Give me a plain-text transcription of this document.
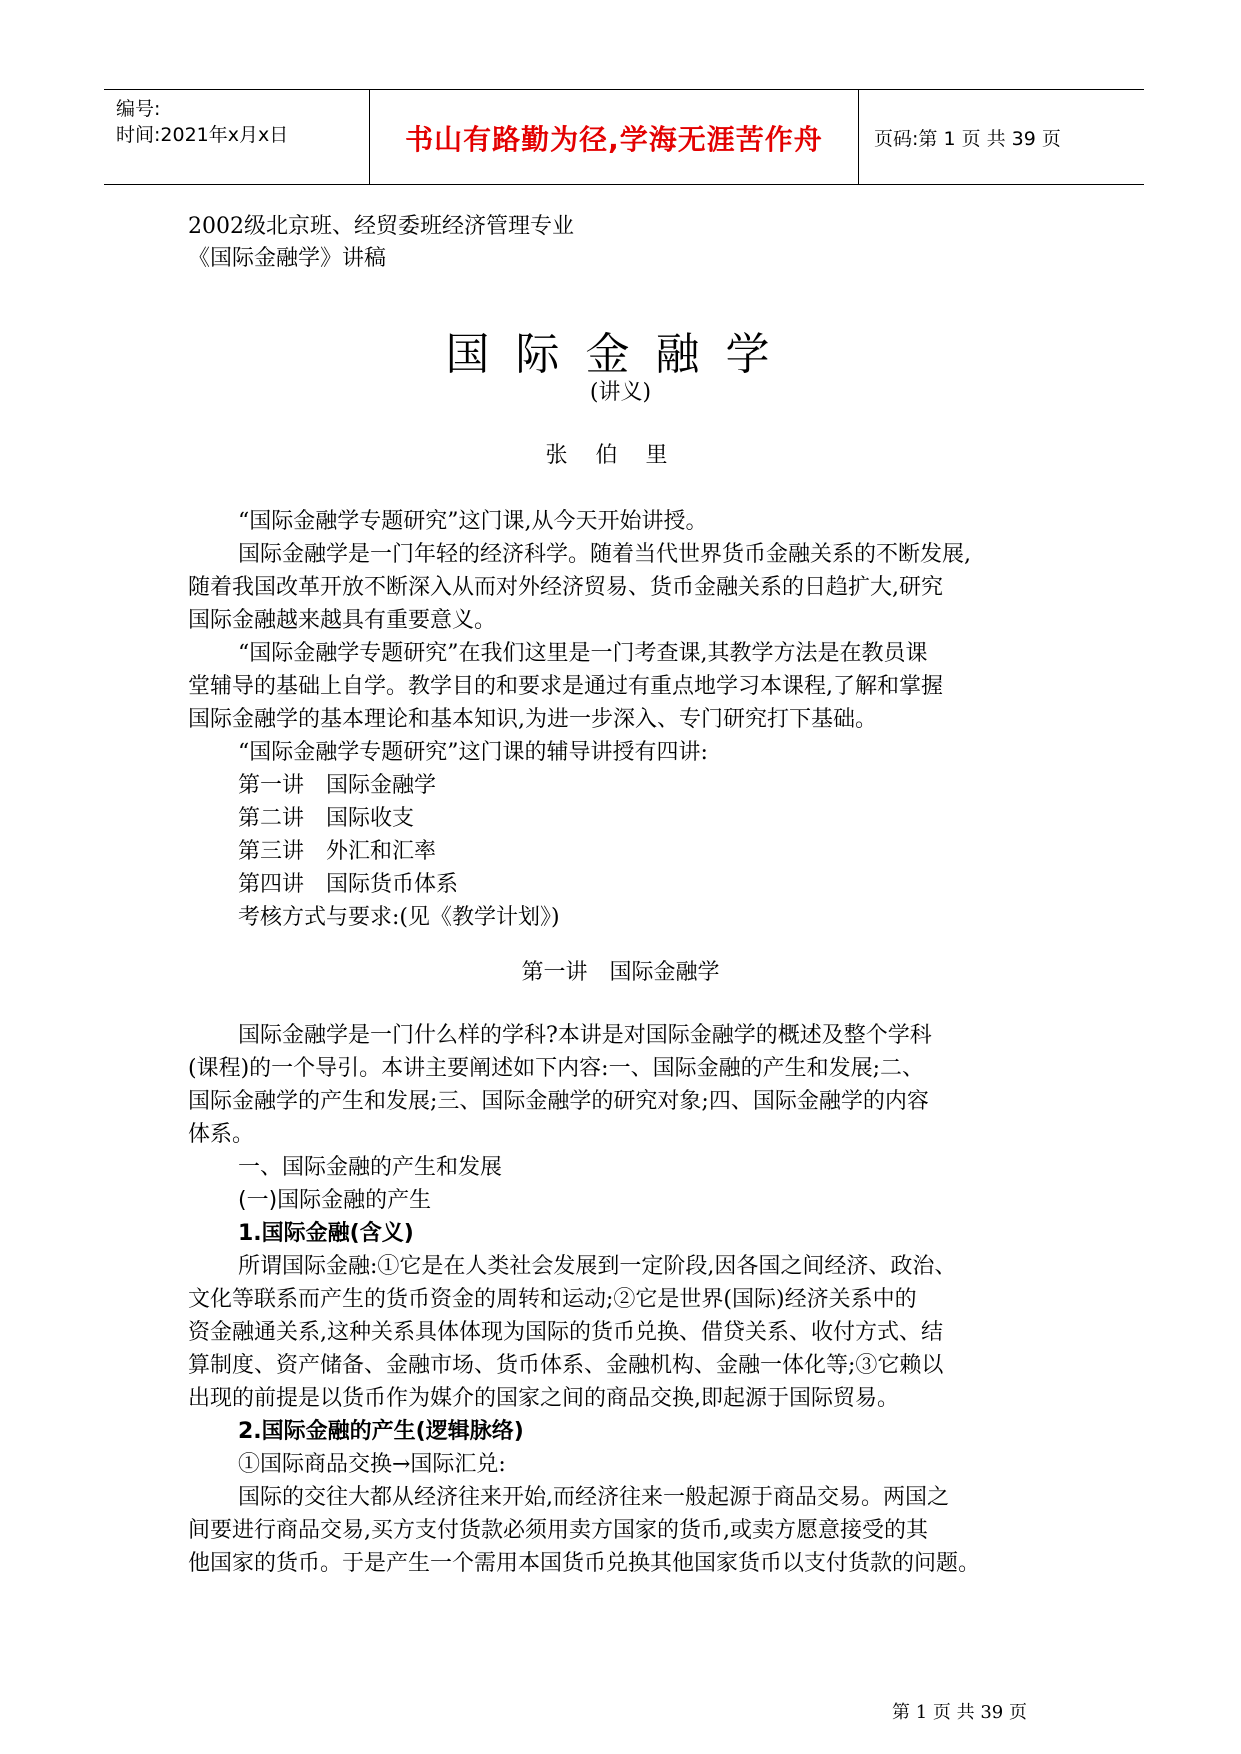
编号:
时间:2021年x月x日	书山有路勤为径,学海无涯苦作舟	页码:第 1 页 共 39 页
2002级北京班、经贸委班经济管理专业
《国际金融学》讲稿
国际金融学
(讲义)
张伯里
“国际金融学专题研究”这门课,从今天开始讲授。
国际金融学是一门年轻的经济科学。随着当代世界货币金融关系的不断发展,
随着我国改革开放不断深入从而对外经济贸易、货币金融关系的日趋扩大,研究
国际金融越来越具有重要意义。
“国际金融学专题研究”在我们这里是一门考查课,其教学方法是在教员课
堂辅导的基础上自学。教学目的和要求是通过有重点地学习本课程,了解和掌握
国际金融学的基本理论和基本知识,为进一步深入、专门研究打下基础。
“国际金融学专题研究”这门课的辅导讲授有四讲:
第一讲　国际金融学
第二讲　国际收支
第三讲　外汇和汇率
第四讲　国际货币体系
考核方式与要求:(见《教学计划》)
第一讲　国际金融学
国际金融学是一门什么样的学科?本讲是对国际金融学的概述及整个学科
(课程)的一个导引。本讲主要阐述如下内容:一、国际金融的产生和发展;二、
国际金融学的产生和发展;三、国际金融学的研究对象;四、国际金融学的内容
体系。
一、国际金融的产生和发展
(一)国际金融的产生
1.国际金融(含义)
所谓国际金融:①它是在人类社会发展到一定阶段,因各国之间经济、政治、
文化等联系而产生的货币资金的周转和运动;②它是世界(国际)经济关系中的
资金融通关系,这种关系具体体现为国际的货币兑换、借贷关系、收付方式、结
算制度、资产储备、金融市场、货币体系、金融机构、金融一体化等;③它赖以
出现的前提是以货币作为媒介的国家之间的商品交换,即起源于国际贸易。
2.国际金融的产生(逻辑脉络)
①国际商品交换→国际汇兑:
国际的交往大都从经济往来开始,而经济往来一般起源于商品交易。两国之
间要进行商品交易,买方支付货款必须用卖方国家的货币,或卖方愿意接受的其
他国家的货币。于是产生一个需用本国货币兑换其他国家货币以支付货款的问题。
第 1 页 共 39 页
